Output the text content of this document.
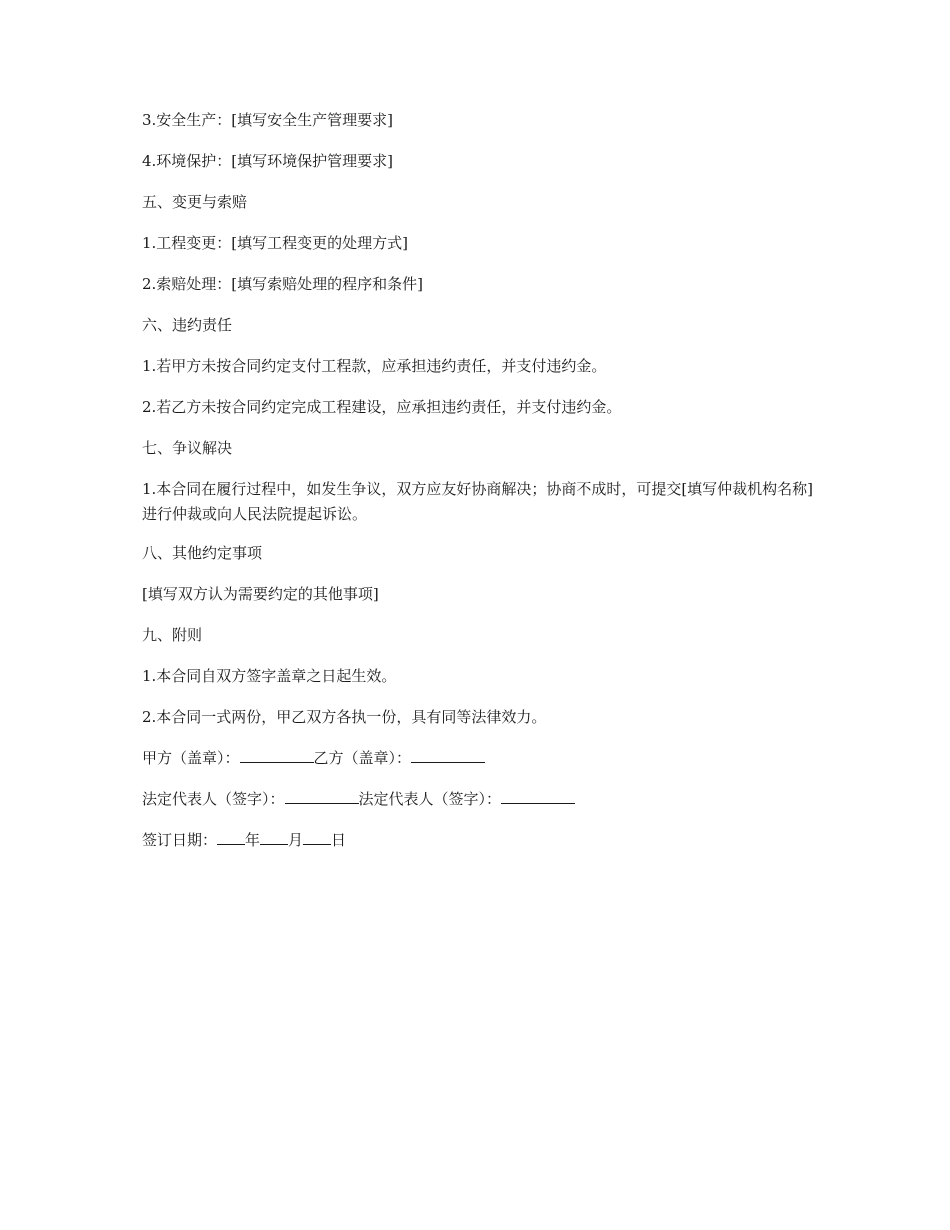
3.安全生产：[填写安全生产管理要求]

4.环境保护：[填写环境保护管理要求]

五、变更与索赔

1.工程变更：[填写工程变更的处理方式]

2.索赔处理：[填写索赔处理的程序和条件]

六、违约责任

1.若甲方未按合同约定支付工程款，应承担违约责任，并支付违约金。

2.若乙方未按合同约定完成工程建设，应承担违约责任，并支付违约金。

七、争议解决

1.本合同在履行过程中，如发生争议，双方应友好协商解决；协商不成时，可提交[填写仲裁机构名称]进行仲裁或向人民法院提起诉讼。

八、其他约定事项

[填写双方认为需要约定的其他事项]

九、附则

1.本合同自双方签字盖章之日起生效。

2.本合同一式两份，甲乙双方各执一份，具有同等法律效力。

甲方（盖章）：	乙方（盖章）：

法定代表人（签字）：	法定代表人（签字）：

签订日期： 年 月 日
